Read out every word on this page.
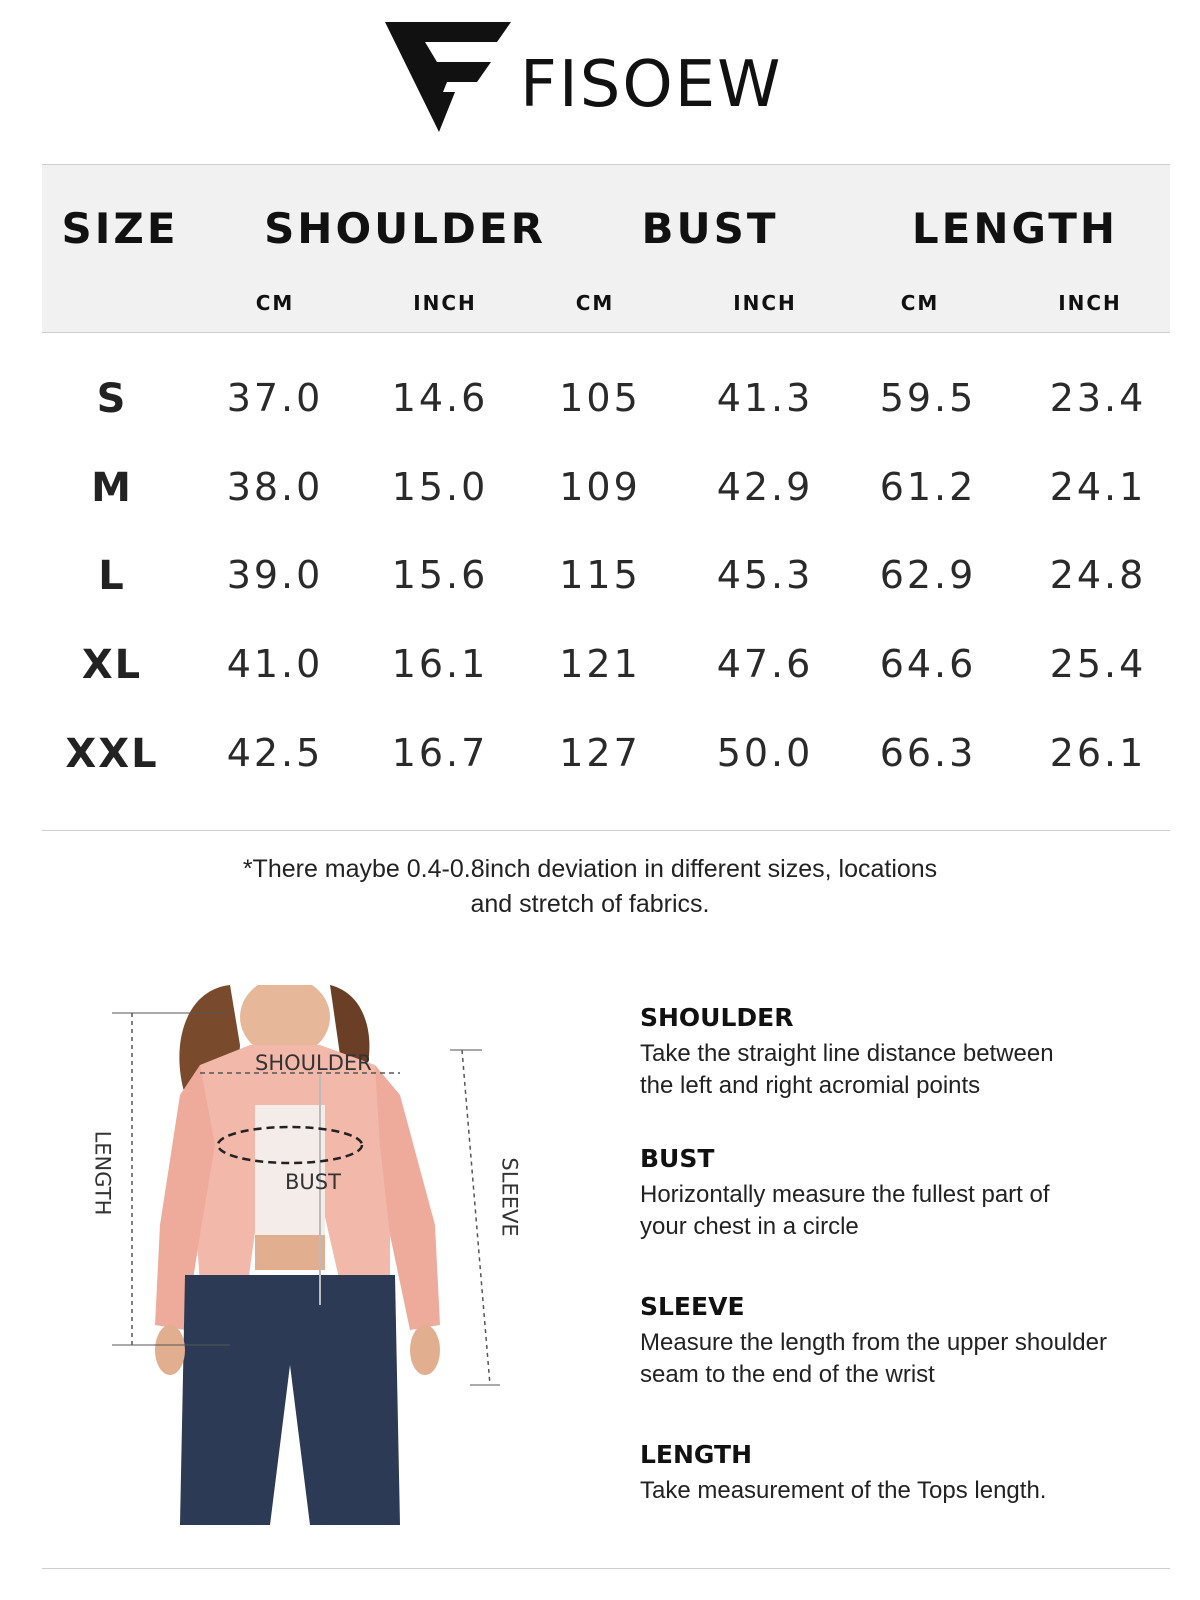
FISOEW
SIZE SHOULDER	BUST	LENGTH
CM	INCH	CM	INCH	CM	INCH
S	37.0	14.6	105	41.3	59.5	23.4
M	38.0	15.0	109	42.9	61.2	24.1
L	39.0	15.6	115	45.3	62.9	24.8
XL	41.0	16.1	121	47.6	64.6	25.4
XXL	42.5	16.7	127	50.0	66.3	26.1
*There maybe 0.4-0.8inch deviation in different sizes, locations
and stretch of fabrics.
SHOULDER
BUST
LENGTH	SLEEVE
SHOULDER
Take the straight line distance between
the left and right acromial points
BUST
Horizontally measure the fullest part of
your chest in a circle
SLEEVE
Measure the length from the upper shoulder
seam to the end of the wrist
LENGTH
Take measurement of the Tops length.
